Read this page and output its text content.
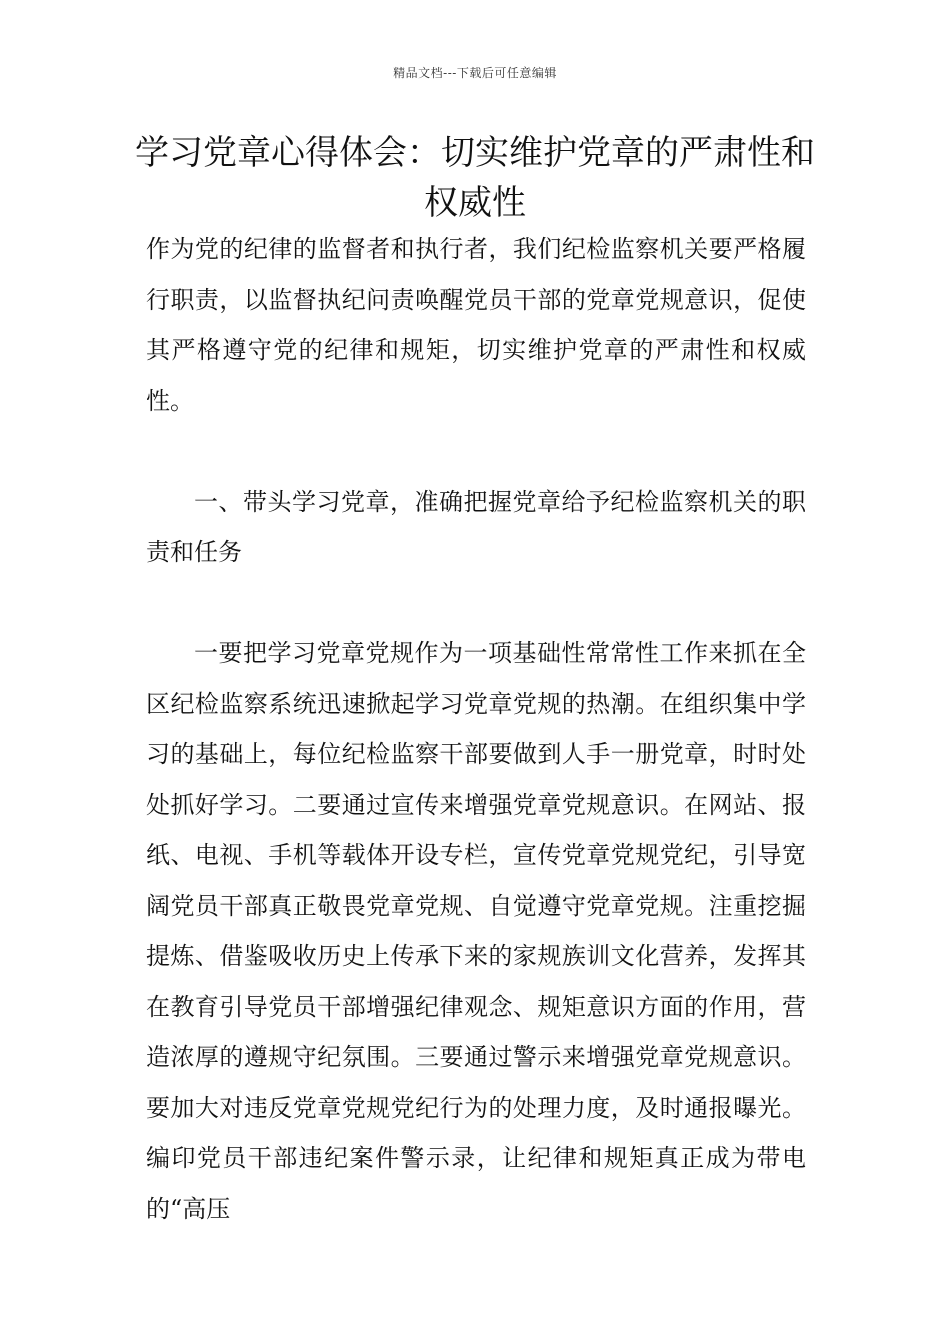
精品文档---下载后可任意编辑
学习党章心得体会：切实维护党章的严肃性和权威性

作为党的纪律的监督者和执行者，我们纪检监察机关要严格履行职责，以监督执纪问责唤醒党员干部的党章党规意识，促使其严格遵守党的纪律和规矩，切实维护党章的严肃性和权威性。

一、带头学习党章，准确把握党章给予纪检监察机关的职责和任务

一要把学习党章党规作为一项基础性常常性工作来抓在全区纪检监察系统迅速掀起学习党章党规的热潮。在组织集中学习的基础上，每位纪检监察干部要做到人手一册党章，时时处处抓好学习。二要通过宣传来增强党章党规意识。在网站、报纸、电视、手机等载体开设专栏，宣传党章党规党纪，引导宽阔党员干部真正敬畏党章党规、自觉遵守党章党规。注重挖掘提炼、借鉴吸收历史上传承下来的家规族训文化营养，发挥其在教育引导党员干部增强纪律观念、规矩意识方面的作用，营造浓厚的遵规守纪氛围。三要通过警示来增强党章党规意识。要加大对违反党章党规党纪行为的处理力度，及时通报曝光。编印党员干部违纪案件警示录，让纪律和规矩真正成为带电的“高压
